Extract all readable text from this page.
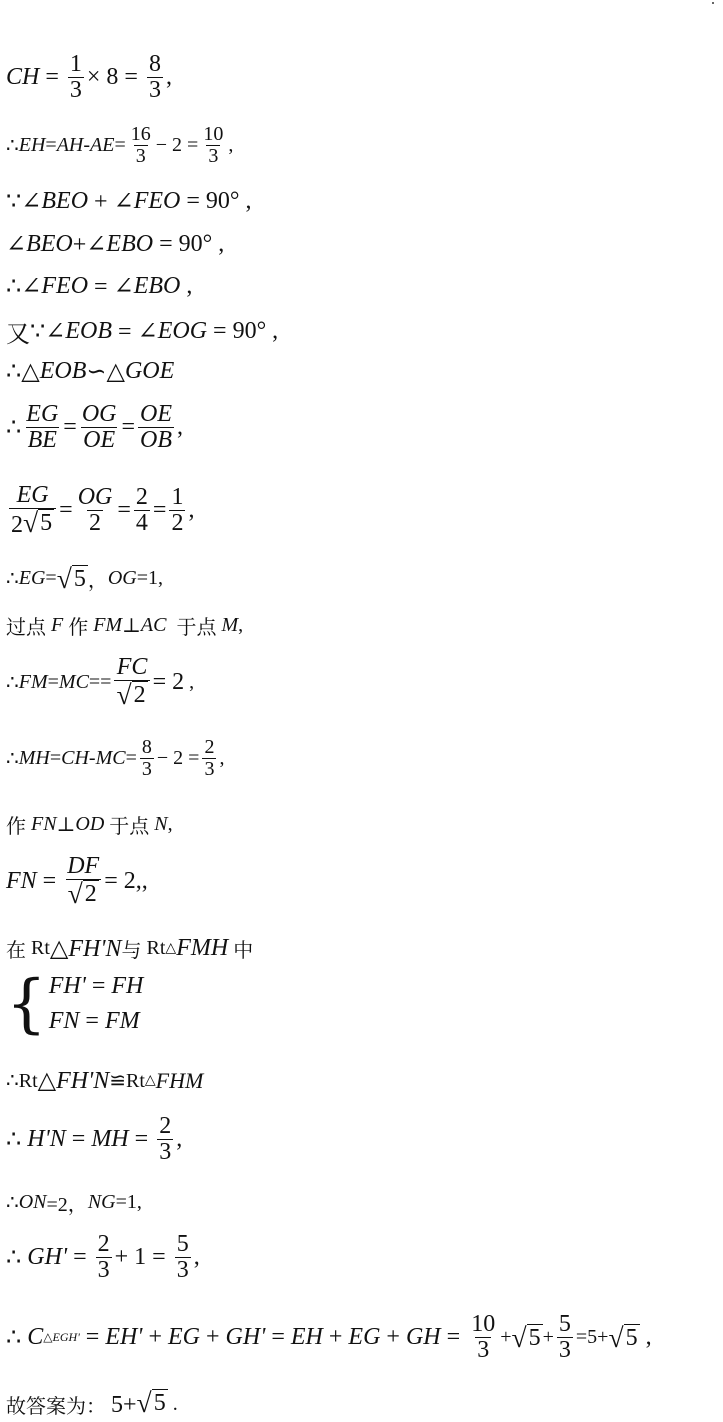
CH = $\frac{1}{3} \times 8 = \frac{8}{3}$ ,
∴ EH = AH - AE = $\frac{16}{3} - 2 = \frac{10}{3}$ ,
∵∠ BEO + ∠ FEO = 90° ,
∠ BEO +∠ EBO = 90° ,
∴∠ FEO = ∠ EBO ,
又 ∵∠ EOB = ∠ EOG = 90° ,
∴△ EOB ∽△ GOE
∴ $\frac{EG}{BE} = \frac{OG}{OE} = \frac{OE}{OB}$ ,
$\frac{EG}{2 √ 5} = \frac{OG}{2} = \frac{2}{4} = \frac{1}{2}$ ,
∴ EG = √ 5 ， OG =1,
过点
F
作
FM ⊥ AC
于点
M ,
∴ FM = MC == $\frac{FC}{√ 2} = 2$ ,
∴ MH = CH - MC = $\frac{8}{3} - 2 = \frac{2}{3}$ ,
作
FN ⊥ OD
于点
N ,
FN = $\frac{DF}{√ 2} = 2$,,
在 Rt △FH'N 与 Rt △ FMH
中
{ FH' = FH
FN = FM
∴Rt △FH'N ≌Rt △ FHM
∴ H'N = MH = $\frac{2}{3}$ ,
∴ ON =2， NG =1,
∴ $GH' = \frac{2}{3} + 1 = \frac{5}{3}$ ,
∴ C △EGH' = EH' + EG + GH' = EH + EG + GH = $\frac{10}{3}$ + √ $5 + \frac{5}{3} =5+$ √ 5 ,
故答案为：
5+ √ 5 .
